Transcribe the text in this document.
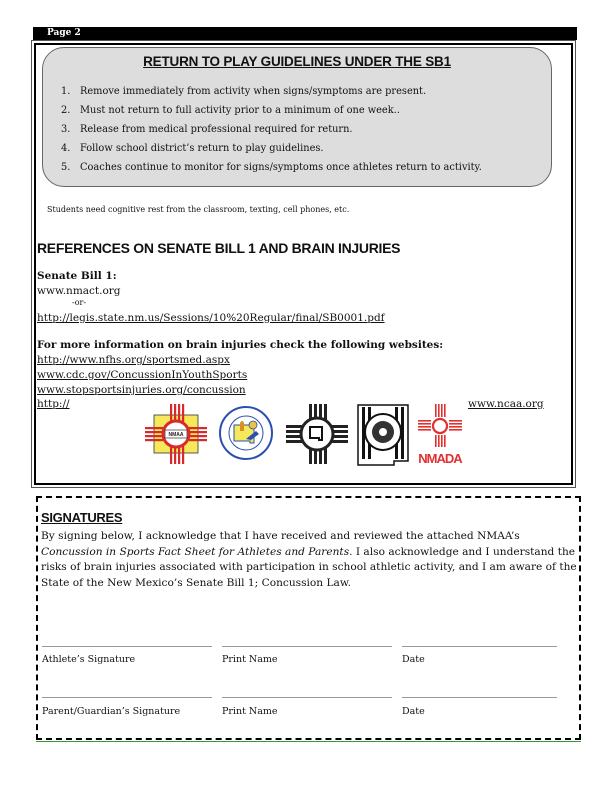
Page 2
RETURN TO PLAY GUIDELINES UNDER THE SB1
1. Remove immediately from activity when signs/symptoms are present.
2. Must not return to full activity prior to a minimum of one week..
3. Release from medical professional required for return.
4. Follow school district’s return to play guidelines.
5. Coaches continue to monitor for signs/symptoms once athletes return to activity.
Students need cognitive rest from the classroom, texting, cell phones, etc.
REFERENCES ON SENATE BILL 1 AND BRAIN INJURIES
Senate Bill 1:
www.nmact.org
-or-
http://legis.state.nm.us/Sessions/10%20Regular/final/SB0001.pdf
For more information on brain injuries check the following websites:
http://www.nfhs.org/sportsmed.aspx
www.cdc.gov/ConcussionInYouthSports
www.stopsportsinjuries.org/concussion
http://	www.ncaa.org
NMAA
NMADA
SIGNATURES
By signing below, I acknowledge that I have received and reviewed the attached NMAA’s Concussion in Sports Fact Sheet for Athletes and Parents. I also acknowledge and I understand the risks of brain injuries associated with participation in school athletic activity, and I am aware of the State of the New Mexico’s Senate Bill 1; Concussion Law.
Athlete’s Signature	Print Name	Date
Parent/Guardian’s Signature	Print Name	Date
